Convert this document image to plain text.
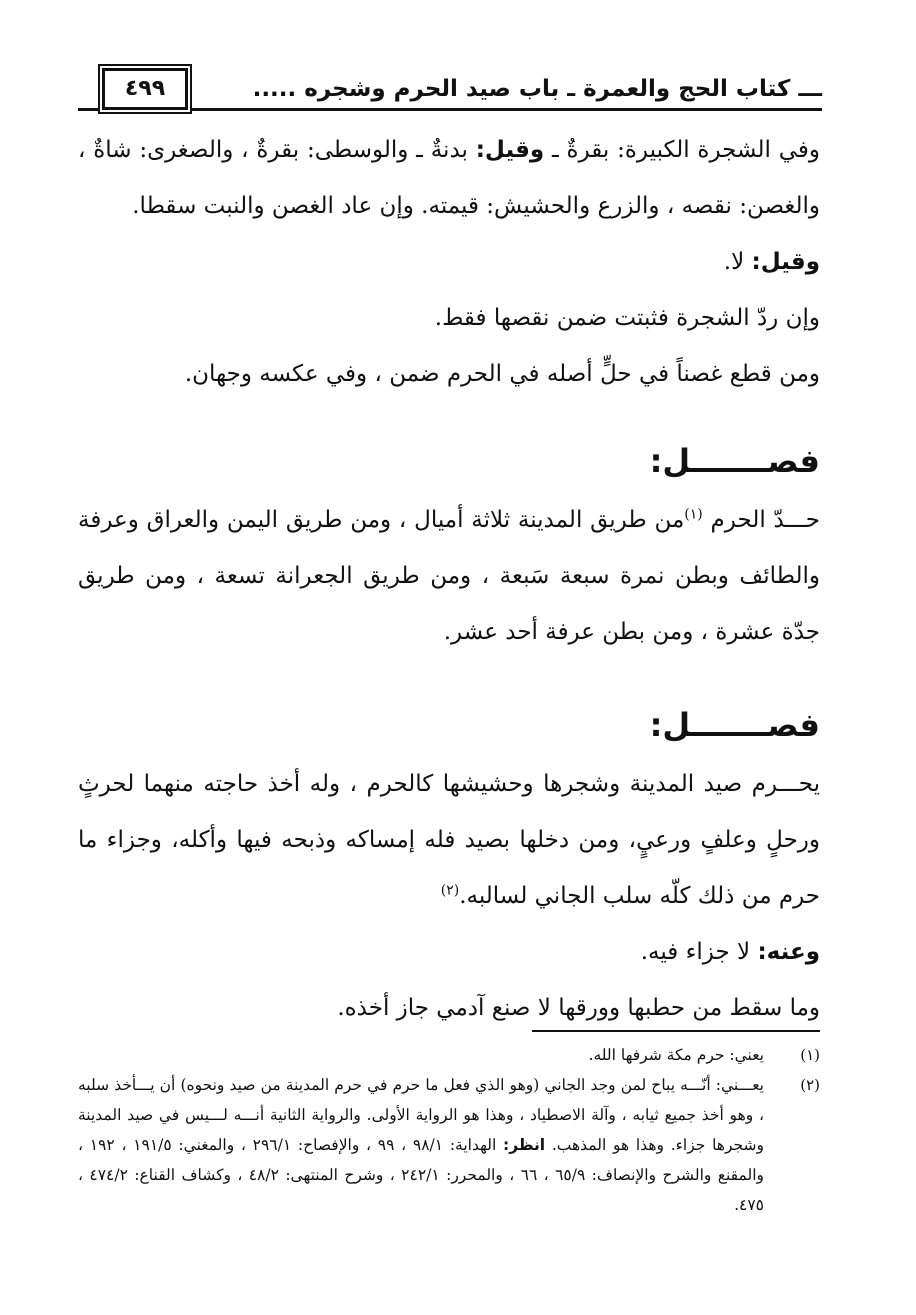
٤٩٩	ـــ كتاب الحج والعمرة ـ باب صيد الحرم وشجره .....

وفي الشجرة الكبيرة: بقرةٌ ـ وقيل: بدنةٌ ـ والوسطى: بقرةٌ ، والصغرى: شاةٌ ، والغصن: نقصه ، والزرع والحشيش: قيمته. وإن عاد الغصن والنبت سقطا.

وقيل: لا.

وإن ردّ الشجرة فثبتت ضمن نقصها فقط.

ومن قطع غصناً في حلٍّ أصله في الحرم ضمن ، وفي عكسه وجهان.

فصـــــــل:

حـــدّ الحرم $^{(١)}$من طريق المدينة ثلاثة أميال ، ومن طريق اليمن والعراق وعرفة والطائف وبطن نمرة سبعة سَبعة ، ومن طريق الجعرانة تسعة ، ومن طريق جدّة عشرة ، ومن بطن عرفة أحد عشر.

فصـــــــل:

يحـــرم صيد المدينة وشجرها وحشيشها كالحرم ، وله أخذ حاجته منهما لحرثٍ ورحلٍ وعلفٍ ورعيٍ، ومن دخلها بصيد فله إمساكه وذبحه فيها وأكله، وجزاء ما حرم من ذلك كلّه سلب الجاني لسالبه.$^{(٢)}$

وعنه: لا جزاء فيه.

وما سقط من حطبها وورقها لا صنع آدمي جاز أخذه.

(١)
يعني: حرم مكة شرفها الله.
(٢)
يعـــني: أنّـــه يباح لمن وجد الجاني (وهو الذي فعل ما حرم في حرم المدينة من صيد ونحوه) أن يـــأخذ سلبه ، وهو أخذ جميع ثيابه ، وآلة الاصطياد ، وهذا هو الرواية الأولى. والرواية الثانية أنـــه لـــيس في صيد المدينة وشجرها جزاء. وهذا هو المذهب. انظر: الهداية: ٩٨/١ ، ٩٩ ، والإفصاح: ٢٩٦/١ ، والمغني: ١٩١/٥ ، ١٩٢ ، والمقنع والشرح والإنصاف: ٦٥/٩ ، ٦٦ ، والمحرر: ٢٤٢/١ ، وشرح المنتهى: ٤٨/٢ ، وكشاف القناع: ٤٧٤/٢ ، ٤٧٥.
